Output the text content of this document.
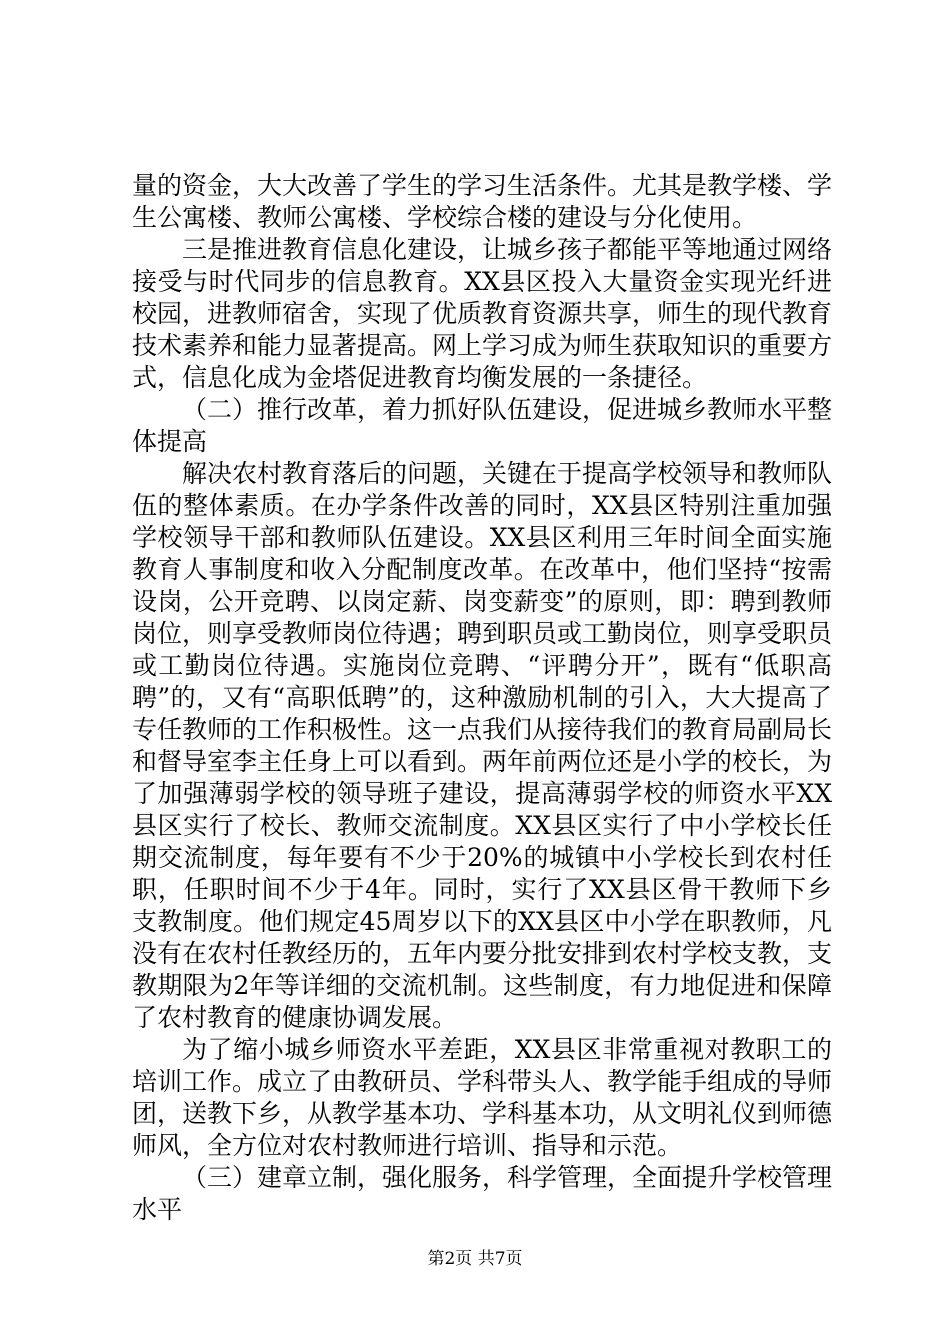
量的资金，大大改善了学生的学习生活条件。尤其是教学楼、学生公寓楼、教师公寓楼、学校综合楼的建设与分化使用。

三是推进教育信息化建设，让城乡孩子都能平等地通过网络接受与时代同步的信息教育。XX县区投入大量资金实现光纤进校园，进教师宿舍，实现了优质教育资源共享，师生的现代教育技术素养和能力显著提高。网上学习成为师生获取知识的重要方式，信息化成为金塔促进教育均衡发展的一条捷径。

（二）推行改革，着力抓好队伍建设，促进城乡教师水平整体提高

解决农村教育落后的问题，关键在于提高学校领导和教师队伍的整体素质。在办学条件改善的同时，XX县区特别注重加强学校领导干部和教师队伍建设。XX县区利用三年时间全面实施教育人事制度和收入分配制度改革。在改革中，他们坚持“按需设岗，公开竞聘、以岗定薪、岗变薪变”的原则，即：聘到教师岗位，则享受教师岗位待遇；聘到职员或工勤岗位，则享受职员或工勤岗位待遇。实施岗位竞聘、“评聘分开”，既有“低职高聘”的，又有“高职低聘”的，这种激励机制的引入，大大提高了专任教师的工作积极性。这一点我们从接待我们的教育局副局长和督导室李主任身上可以看到。两年前两位还是小学的校长，为了加强薄弱学校的领导班子建设，提高薄弱学校的师资水平XX县区实行了校长、教师交流制度。XX县区实行了中小学校长任期交流制度，每年要有不少于20%的城镇中小学校长到农村任职，任职时间不少于4年。同时，实行了XX县区骨干教师下乡支教制度。他们规定45周岁以下的XX县区中小学在职教师，凡没有在农村任教经历的，五年内要分批安排到农村学校支教，支教期限为2年等详细的交流机制。这些制度，有力地促进和保障了农村教育的健康协调发展。

为了缩小城乡师资水平差距，XX县区非常重视对教职工的培训工作。成立了由教研员、学科带头人、教学能手组成的导师团，送教下乡，从教学基本功、学科基本功，从文明礼仪到师德师风，全方位对农村教师进行培训、指导和示范。

（三）建章立制，强化服务，科学管理，全面提升学校管理水平

第2页 共7页
